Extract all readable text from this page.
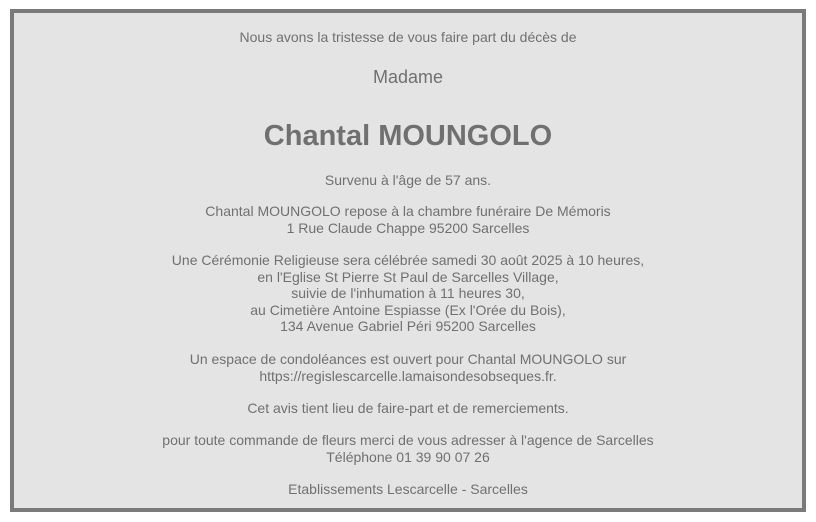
Nous avons la tristesse de vous faire part du décès de

Madame

Chantal MOUNGOLO

Survenu à l'âge de 57 ans.

Chantal MOUNGOLO repose à la chambre funéraire De Mémoris
1 Rue Claude Chappe 95200 Sarcelles
Une Cérémonie Religieuse sera célébrée samedi 30 août 2025 à 10 heures,
en l'Eglise St Pierre St Paul de Sarcelles Village,
suivie de l'inhumation à 11 heures 30,
au Cimetière Antoine Espiasse (Ex l'Orée du Bois),
134 Avenue Gabriel Péri 95200 Sarcelles
Un espace de condoléances est ouvert pour Chantal MOUNGOLO sur
https://regislescarcelle.lamaisondesobseques.fr.

Cet avis tient lieu de faire-part et de remerciements.

pour toute commande de fleurs merci de vous adresser à l'agence de Sarcelles
Téléphone 01 39 90 07 26

Etablissements Lescarcelle - Sarcelles
